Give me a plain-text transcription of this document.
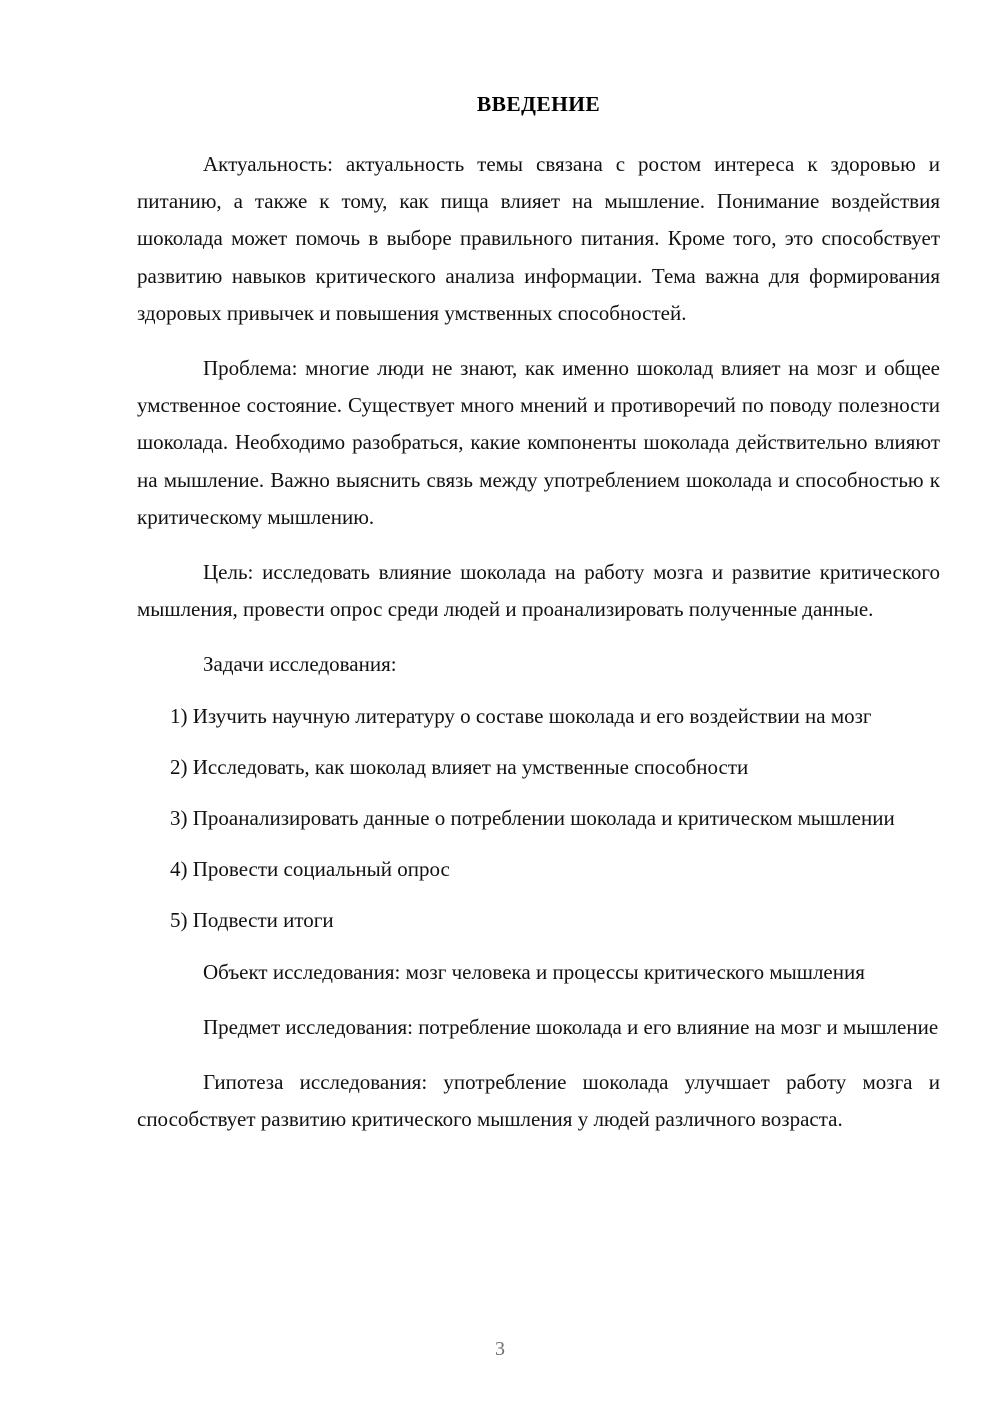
ВВЕДЕНИЕ

Актуальность: актуальность темы связана с ростом интереса к здоровью и питанию, а также к тому, как пища влияет на мышление. Понимание воздействия шоколада может помочь в выборе правильного питания. Кроме того, это способствует развитию навыков критического анализа информации. Тема важна для формирования здоровых привычек и повышения умственных способностей.

Проблема: многие люди не знают, как именно шоколад влияет на мозг и общее умственное состояние. Существует много мнений и противоречий по поводу полезности шоколада. Необходимо разобраться, какие компоненты шоколада действительно влияют на мышление. Важно выяснить связь между употреблением шоколада и способностью к критическому мышлению.

Цель: исследовать влияние шоколада на работу мозга и развитие критического мышления, провести опрос среди людей и проанализировать полученные данные.

Задачи исследования:

1) Изучить научную литературу о составе шоколада и его воздействии на мозг
2) Исследовать, как шоколад влияет на умственные способности
3) Проанализировать данные о потреблении шоколада и критическом мышлении
4) Провести социальный опрос
5) Подвести итоги

Объект исследования: мозг человека и процессы критического мышления

Предмет исследования: потребление шоколада и его влияние на мозг и мышление

Гипотеза исследования: употребление шоколада улучшает работу мозга и способствует развитию критического мышления у людей различного возраста.

3
